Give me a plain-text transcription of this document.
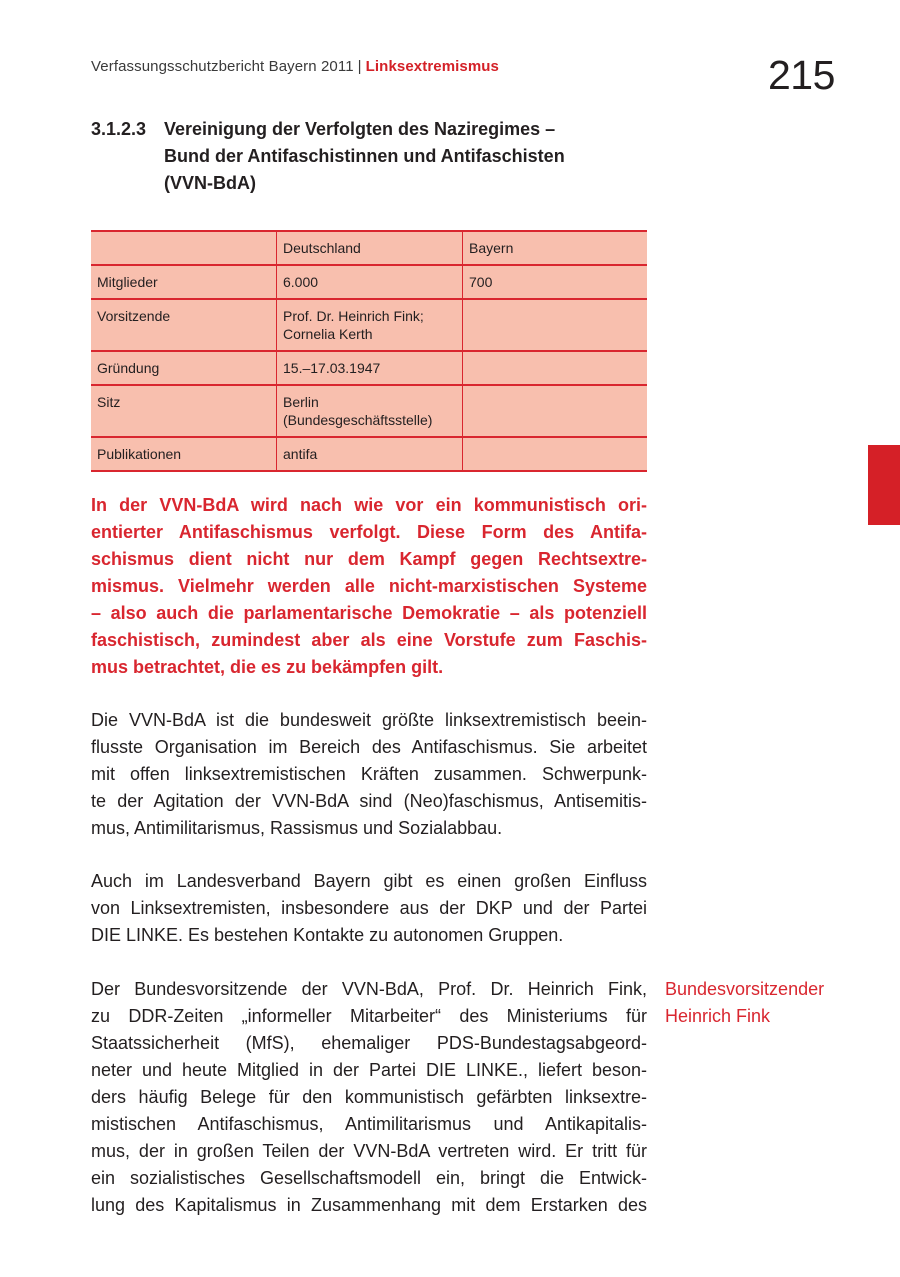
Verfassungsschutzbericht Bayern 2011 | Linksextremismus	215
3.1.2.3 Vereinigung der Verfolgten des Naziregimes –
Bund der Antifaschistinnen und Antifaschisten
(VVN-BdA)
	Deutschland	Bayern
Mitglieder	6.000	700
Vorsitzende	Prof. Dr. Heinrich Fink;
Cornelia Kerth	

Gründung	15.–17.03.1947	

Sitz	Berlin
(Bundesgeschäftsstelle)	

Publikationen	antifa	

In der VVN-BdA wird nach wie vor ein kommunistisch ori-
entierter Antifaschismus verfolgt. Diese Form des Antifa-
schismus dient nicht nur dem Kampf gegen Rechtsextre-
mismus. Vielmehr werden alle nicht-marxistischen Systeme
– also auch die parlamentarische Demokratie – als potenziell
faschistisch, zumindest aber als eine Vorstufe zum Faschis-
mus betrachtet, die es zu bekämpfen gilt.
Die VVN-BdA ist die bundesweit größte linksextremistisch beein-
flusste Organisation im Bereich des Antifaschismus. Sie arbeitet
mit offen linksextremistischen Kräften zusammen. Schwerpunk-
te der Agitation der VVN-BdA sind (Neo)faschismus, Antisemitis-
mus, Antimilitarismus, Rassismus und Sozialabbau.
Auch im Landesverband Bayern gibt es einen großen Einfluss
von Linksextremisten, insbesondere aus der DKP und der Partei
DIE LINKE. Es bestehen Kontakte zu autonomen Gruppen.
Der Bundesvorsitzende der VVN-BdA, Prof. Dr. Heinrich Fink,
zu DDR-Zeiten „informeller Mitarbeiter“ des Ministeriums für
Staatssicherheit (MfS), ehemaliger PDS-Bundestagsabgeord-
neter und heute Mitglied in der Partei DIE LINKE., liefert beson-
ders häufig Belege für den kommunistisch gefärbten linksextre-
mistischen Antifaschismus, Antimilitarismus und Antikapitalis-
mus, der in großen Teilen der VVN-BdA vertreten wird. Er tritt für
ein sozialistisches Gesellschaftsmodell ein, bringt die Entwick-
lung des Kapitalismus in Zusammenhang mit dem Erstarken des
Bundesvorsitzender
Heinrich Fink
